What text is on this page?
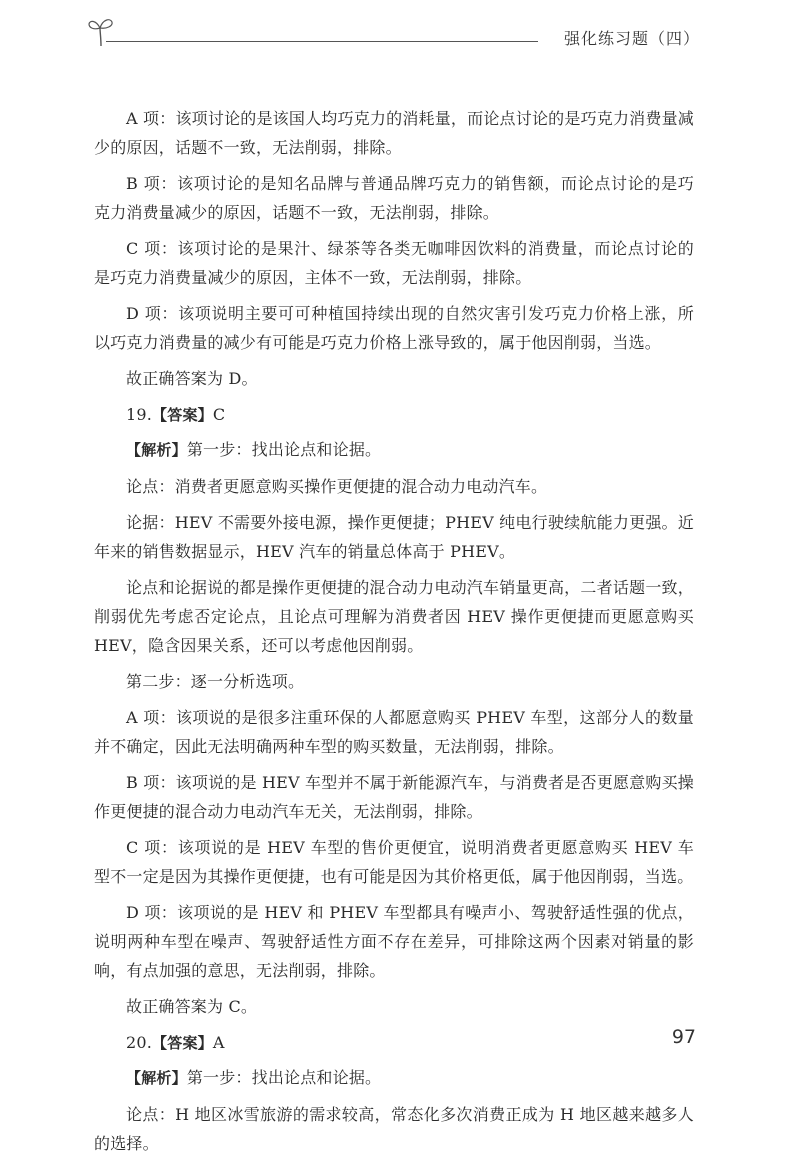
强化练习题（四）

A 项：该项讨论的是该国人均巧克力的消耗量，而论点讨论的是巧克力消费量减少的原因，话题不一致，无法削弱，排除。

B 项：该项讨论的是知名品牌与普通品牌巧克力的销售额，而论点讨论的是巧克力消费量减少的原因，话题不一致，无法削弱，排除。

C 项：该项讨论的是果汁、绿茶等各类无咖啡因饮料的消费量，而论点讨论的是巧克力消费量减少的原因，主体不一致，无法削弱，排除。

D 项：该项说明主要可可种植国持续出现的自然灾害引发巧克力价格上涨，所以巧克力消费量的减少有可能是巧克力价格上涨导致的，属于他因削弱，当选。

故正确答案为 D。

19.【答案】C

【解析】第一步：找出论点和论据。

论点：消费者更愿意购买操作更便捷的混合动力电动汽车。

论据：HEV 不需要外接电源，操作更便捷；PHEV 纯电行驶续航能力更强。近年来的销售数据显示，HEV 汽车的销量总体高于 PHEV。

论点和论据说的都是操作更便捷的混合动力电动汽车销量更高，二者话题一致，削弱优先考虑否定论点，且论点可理解为消费者因 HEV 操作更便捷而更愿意购买 HEV，隐含因果关系，还可以考虑他因削弱。

第二步：逐一分析选项。

A 项：该项说的是很多注重环保的人都愿意购买 PHEV 车型，这部分人的数量并不确定，因此无法明确两种车型的购买数量，无法削弱，排除。

B 项：该项说的是 HEV 车型并不属于新能源汽车，与消费者是否更愿意购买操作更便捷的混合动力电动汽车无关，无法削弱，排除。

C 项：该项说的是 HEV 车型的售价更便宜，说明消费者更愿意购买 HEV 车型不一定是因为其操作更便捷，也有可能是因为其价格更低，属于他因削弱，当选。

D 项：该项说的是 HEV 和 PHEV 车型都具有噪声小、驾驶舒适性强的优点，说明两种车型在噪声、驾驶舒适性方面不存在差异，可排除这两个因素对销量的影响，有点加强的意思，无法削弱，排除。

故正确答案为 C。

20.【答案】A

【解析】第一步：找出论点和论据。

论点：H 地区冰雪旅游的需求较高，常态化多次消费正成为 H 地区越来越多人的选择。

97
